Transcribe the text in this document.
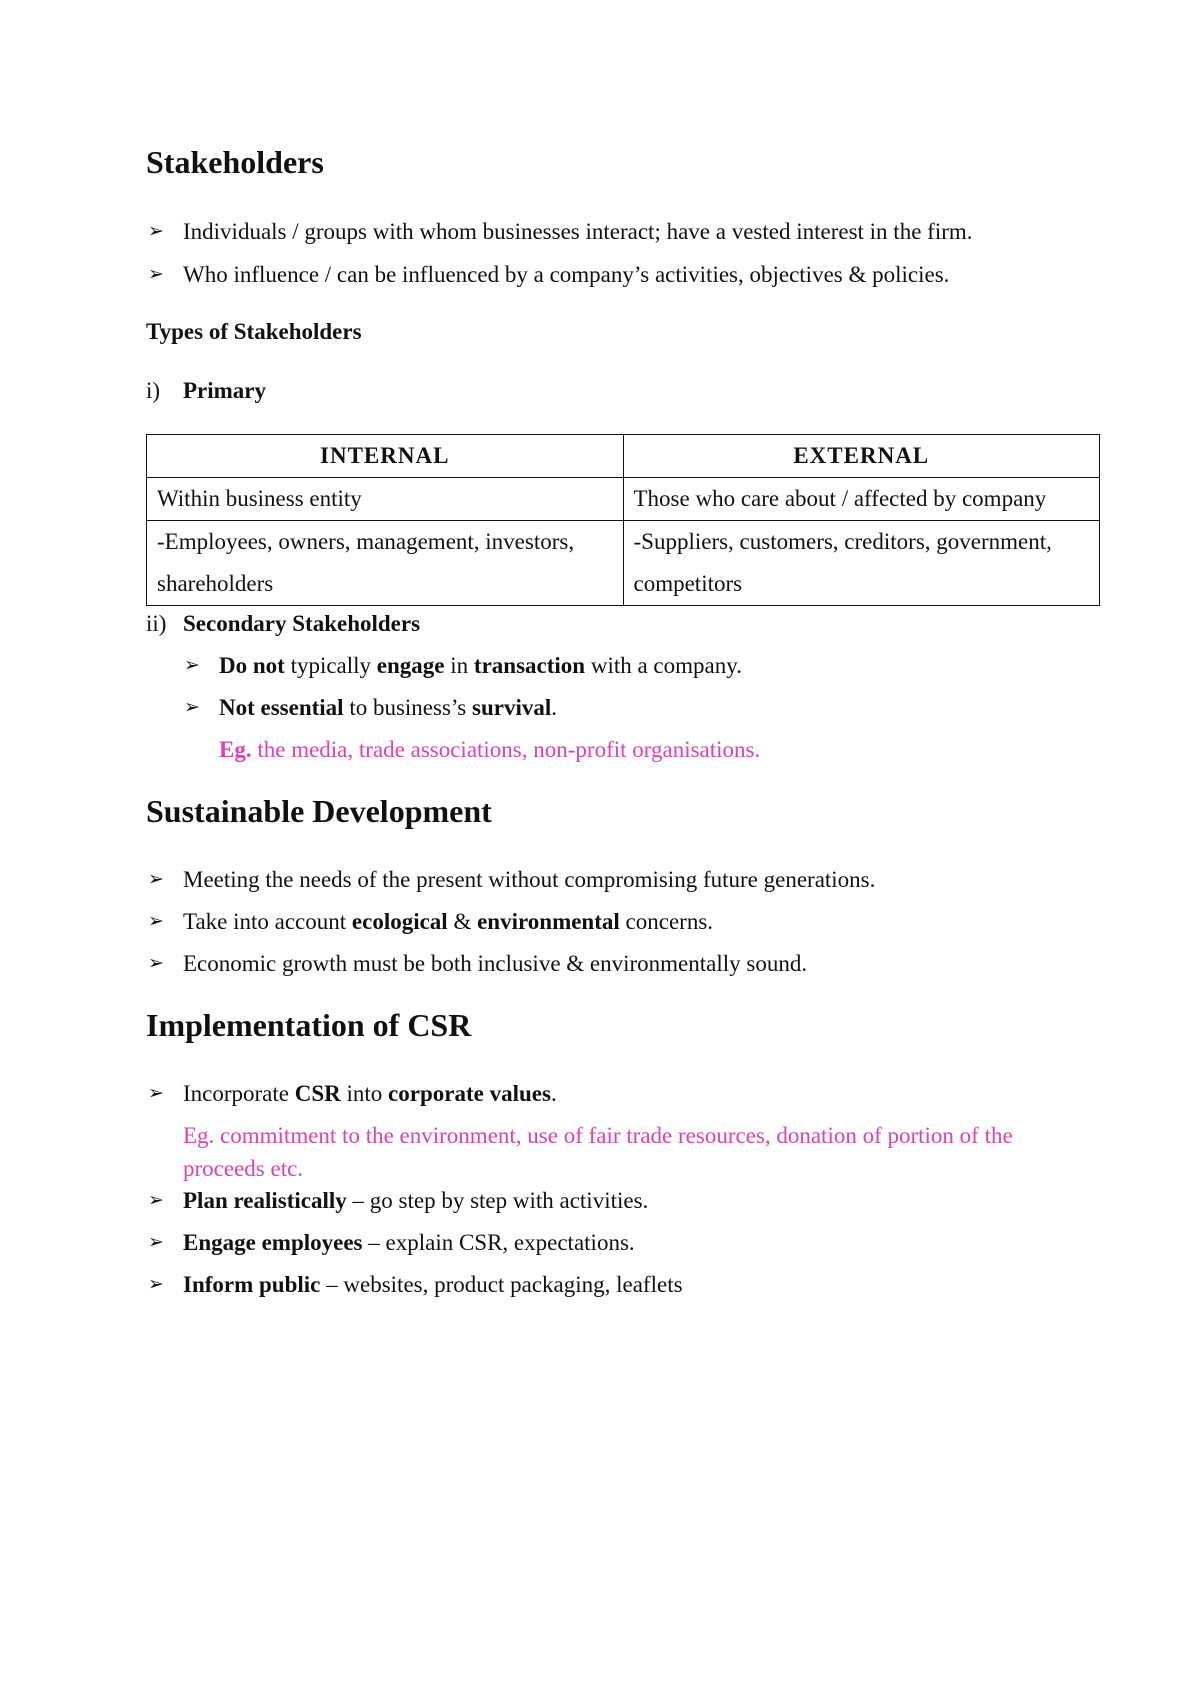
Stakeholders
➢ Individuals / groups with whom businesses interact; have a vested interest in the firm.
➢ Who influence / can be influenced by a company’s activities, objectives & policies.
Types of Stakeholders
i) Primary
INTERNAL	EXTERNAL
Within business entity	Those who care about / affected by company
-Employees, owners, management, investors, shareholders	-Suppliers, customers, creditors, government, competitors
ii) Secondary Stakeholders
➢ Do not typically engage in transaction with a company.
➢ Not essential to business’s survival.
Eg. the media, trade associations, non-profit organisations.
Sustainable Development
➢ Meeting the needs of the present without compromising future generations.
➢ Take into account ecological & environmental concerns.
➢ Economic growth must be both inclusive & environmentally sound.
Implementation of CSR
➢ Incorporate CSR into corporate values.
Eg. commitment to the environment, use of fair trade resources, donation of portion of the
proceeds etc.
➢ Plan realistically – go step by step with activities.
➢ Engage employees – explain CSR, expectations.
➢ Inform public – websites, product packaging, leaflets
